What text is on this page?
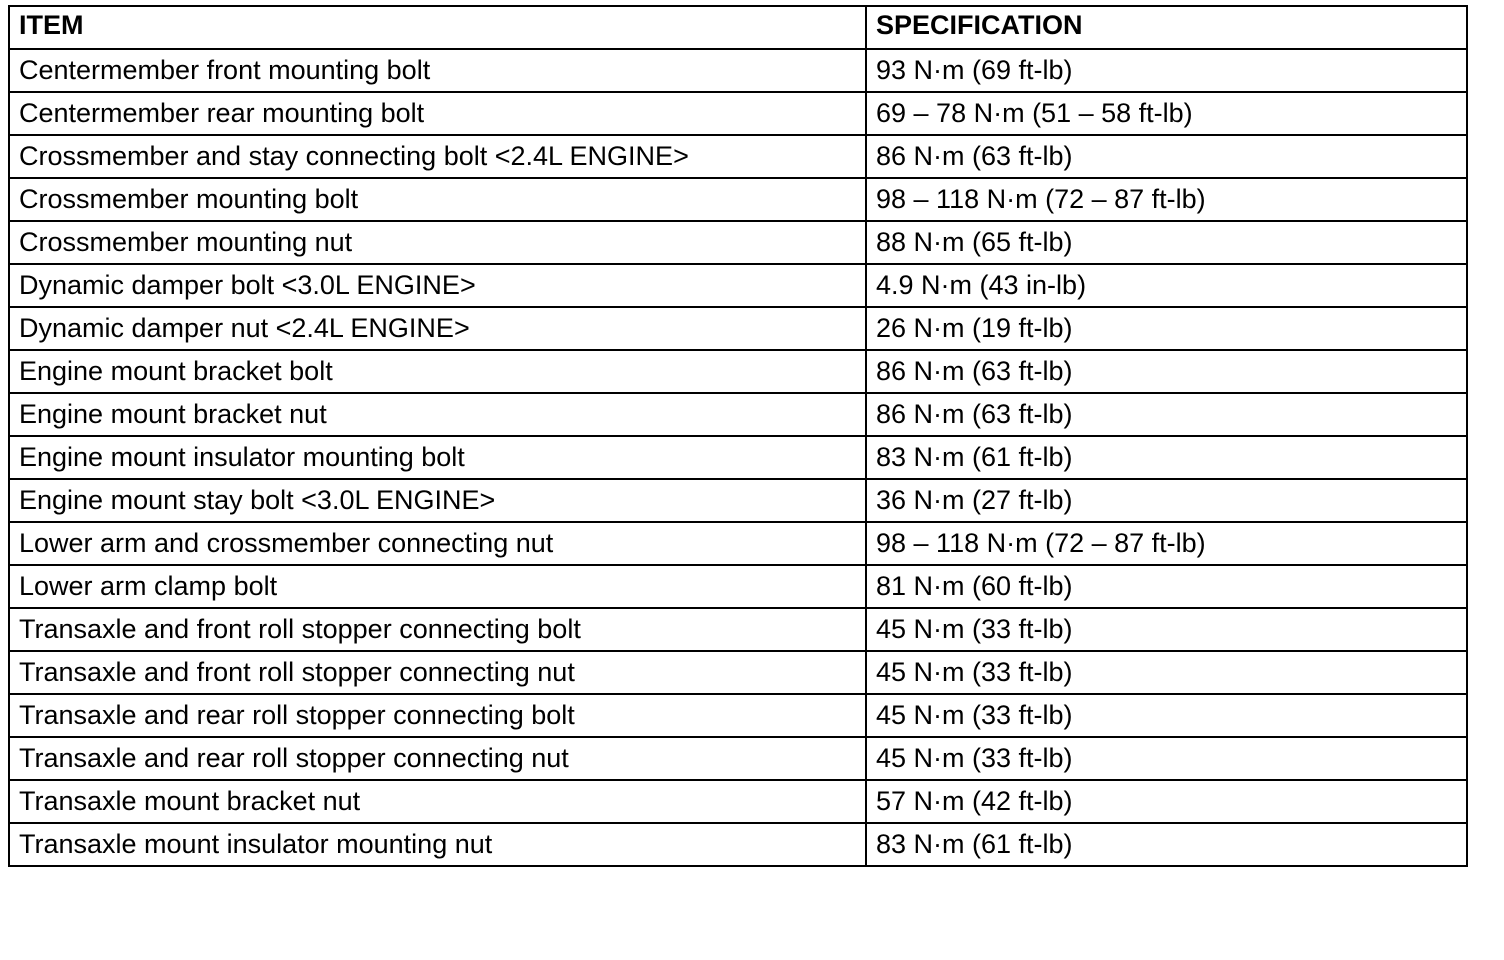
ITEM	SPECIFICATION
Centermember front mounting bolt	93 N·m (69 ft-lb)
Centermember rear mounting bolt	69 – 78 N·m (51 – 58 ft-lb)
Crossmember and stay connecting bolt <2.4L ENGINE>	86 N·m (63 ft-lb)
Crossmember mounting bolt	98 – 118 N·m (72 – 87 ft-lb)
Crossmember mounting nut	88 N·m (65 ft-lb)
Dynamic damper bolt <3.0L ENGINE>	4.9 N·m (43 in-lb)
Dynamic damper nut <2.4L ENGINE>	26 N·m (19 ft-lb)
Engine mount bracket bolt	86 N·m (63 ft-lb)
Engine mount bracket nut	86 N·m (63 ft-lb)
Engine mount insulator mounting bolt	83 N·m (61 ft-lb)
Engine mount stay bolt <3.0L ENGINE>	36 N·m (27 ft-lb)
Lower arm and crossmember connecting nut	98 – 118 N·m (72 – 87 ft-lb)
Lower arm clamp bolt	81 N·m (60 ft-lb)
Transaxle and front roll stopper connecting bolt	45 N·m (33 ft-lb)
Transaxle and front roll stopper connecting nut	45 N·m (33 ft-lb)
Transaxle and rear roll stopper connecting bolt	45 N·m (33 ft-lb)
Transaxle and rear roll stopper connecting nut	45 N·m (33 ft-lb)
Transaxle mount bracket nut	57 N·m (42 ft-lb)
Transaxle mount insulator mounting nut	83 N·m (61 ft-lb)
